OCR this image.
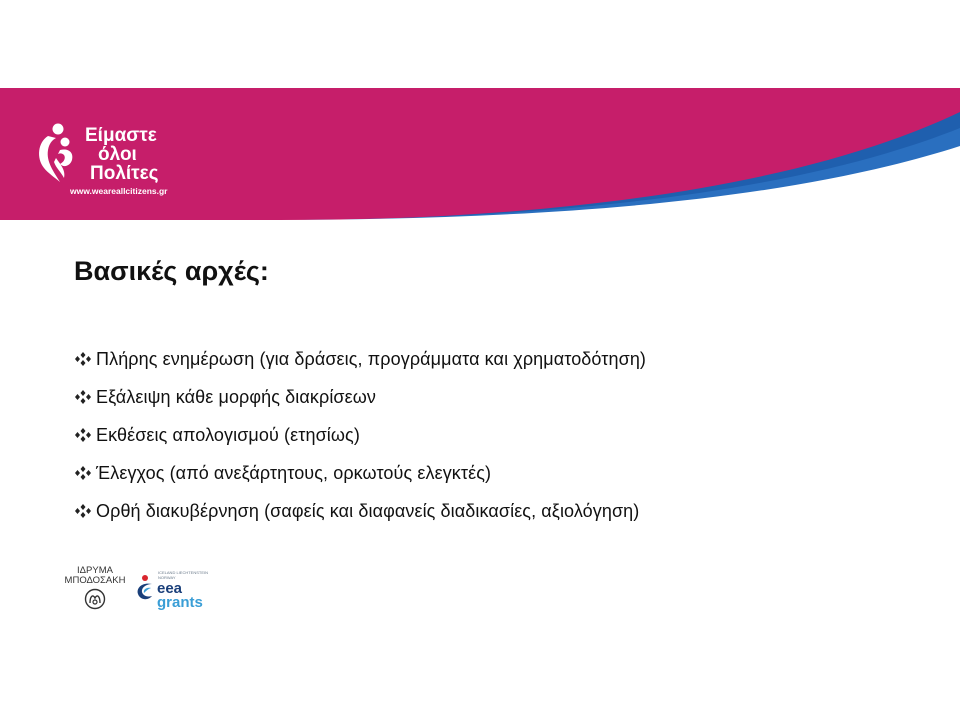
Είμαστε
όλοι
Πολίτες
www.weareallcitizens.gr
Βασικές αρχές:
Πλήρης ενημέρωση (για δράσεις, προγράμματα και χρηματοδότηση)
Εξάλειψη κάθε μορφής διακρίσεων
Εκθέσεις απολογισμού (ετησίως)
Έλεγχος (από ανεξάρτητους, ορκωτούς ελεγκτές)
Ορθή διακυβέρνηση (σαφείς και διαφανείς διαδικασίες, αξιολόγηση)
ΙΔΡΥΜΑ
ΜΠΟΔΟΣΑΚΗ
ICELAND LIECHTENSTEIN
NORWAY
eea
grants
